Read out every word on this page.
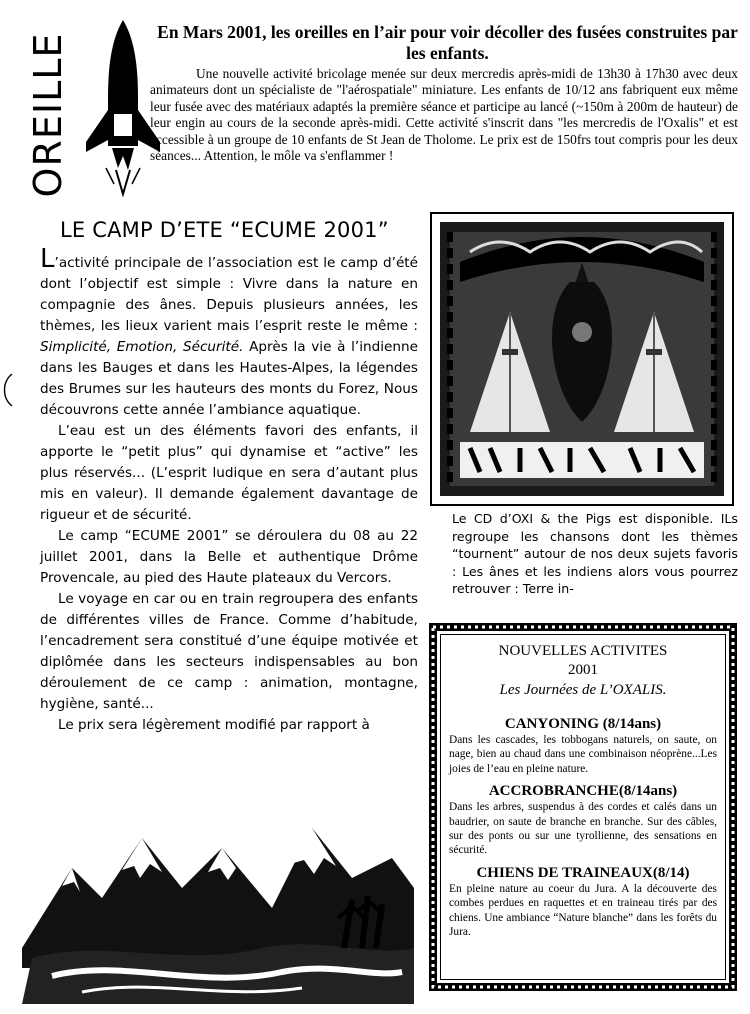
OREILLE
En Mars 2001, les oreilles en l’air pour voir décoller des fusées construites par les enfants.

Une nouvelle activité bricolage menée sur deux mercredis après-midi de 13h30 à 17h30 avec deux animateurs dont un spécialiste de "l'aérospatiale" miniature. Les enfants de 10/12 ans fabriquent eux même leur fusée avec des matériaux adaptés la première séance et participe au lancé (~150m à 200m de hauteur) de leur engin au cours de la seconde après-midi. Cette activité s'inscrit dans "les mercredis de l'Oxalis" et est accessible à un groupe de 10 enfants de St Jean de Tholome. Le prix est de 150frs tout compris pour les deux séances... Attention, le môle va s'enflammer !

LE CAMP D’ETE “ECUME 2001”

L’activité principale de l’association est le camp d’été dont l’objectif est simple : Vivre dans la nature en compagnie des ânes. Depuis plusieurs années, les thèmes, les lieux varient mais l’esprit reste le même : Simplicité, Emotion, Sécurité. Après la vie à l’indienne dans les Bauges et dans les Hautes-Alpes, la légendes des Brumes sur les hauteurs des monts du Forez, Nous découvrons cette année l’ambiance aquatique.

L’eau est un des éléments favori des enfants, il apporte le “petit plus” qui dynamise et “active” les plus réservés... (L’esprit ludique en sera d’autant plus mis en valeur). Il demande également davantage de rigueur et de sécurité.

Le camp “ECUME 2001” se déroulera du 08 au 22 juillet 2001, dans la Belle et authentique Drôme Provencale, au pied des Haute plateaux du Vercors.

Le voyage en car ou en train regroupera des enfants de différentes villes de France. Comme d’habitude, l’encadrement sera constitué d’une équipe motivée et diplômée dans les secteurs indispensables au bon déroulement de ce camp : animation, montagne, hygiène, santé...

Le prix sera légèrement modifié par rapport à

Le CD d’OXI & the Pigs est disponible. ILs regroupe les chansons dont les thèmes “tournent” autour de nos deux sujets favoris : Les ânes et les indiens alors vous pourrez retrouver : Terre in-

NOUVELLES ACTIVITES
2001
Les Journées de L’OXALIS.
CANYONING (8/14ans)

Dans les cascades, les tobbogans naturels, on saute, on nage, bien au chaud dans une combinaison néoprène...Les joies de l’eau en pleine nature.

ACCROBRANCHE(8/14ans)

Dans les arbres, suspendus à des cordes et calés dans un baudrier, on saute de branche en branche. Sur des câbles, sur des ponts ou sur une tyrollienne, des sensations en sécurité.

CHIENS DE TRAINEAUX(8/14)

En pleine nature au coeur du Jura. A la découverte des combes perdues en raquettes et en traineau tirés par des chiens. Une ambiance “Nature blanche” dans les forêts du Jura.
